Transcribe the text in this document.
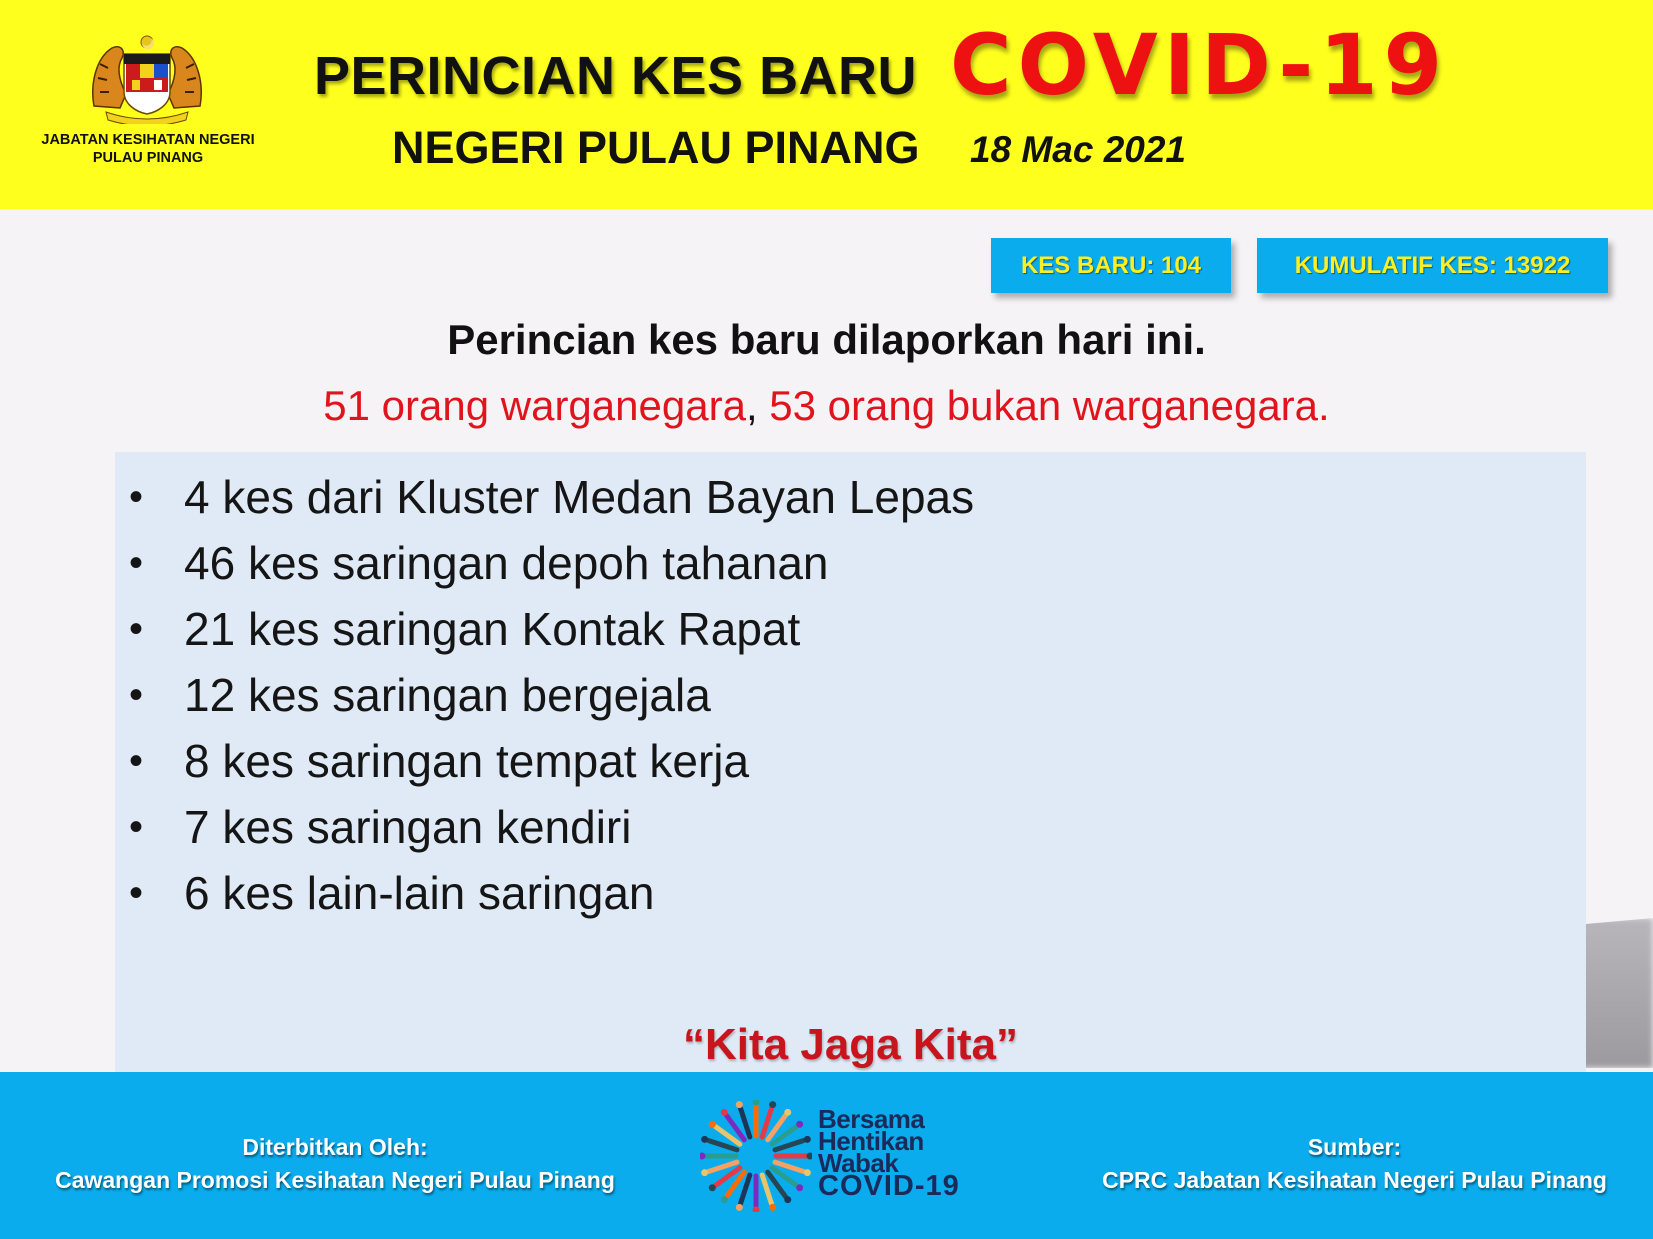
JABATAN KESIHATAN NEGERI
PULAU PINANG
PERINCIAN KES BARU COVID-19
NEGERI PULAU PINANG 18 Mac 2021
KES BARU: 104	KUMULATIF KES: 13922
Perincian kes baru dilaporkan hari ini.
51 orang warganegara, 53 orang bukan warganegara.
• 4 kes dari Kluster Medan Bayan Lepas
• 46 kes saringan depoh tahanan
• 21 kes saringan Kontak Rapat
• 12 kes saringan bergejala
• 8 kes saringan tempat kerja
• 7 kes saringan kendiri
• 6 kes lain-lain saringan
“Kita Jaga Kita”
Diterbitkan Oleh:
Cawangan Promosi Kesihatan Negeri Pulau Pinang
Bersama
Hentikan
Wabak
COVID-19
Sumber:
CPRC Jabatan Kesihatan Negeri Pulau Pinang
